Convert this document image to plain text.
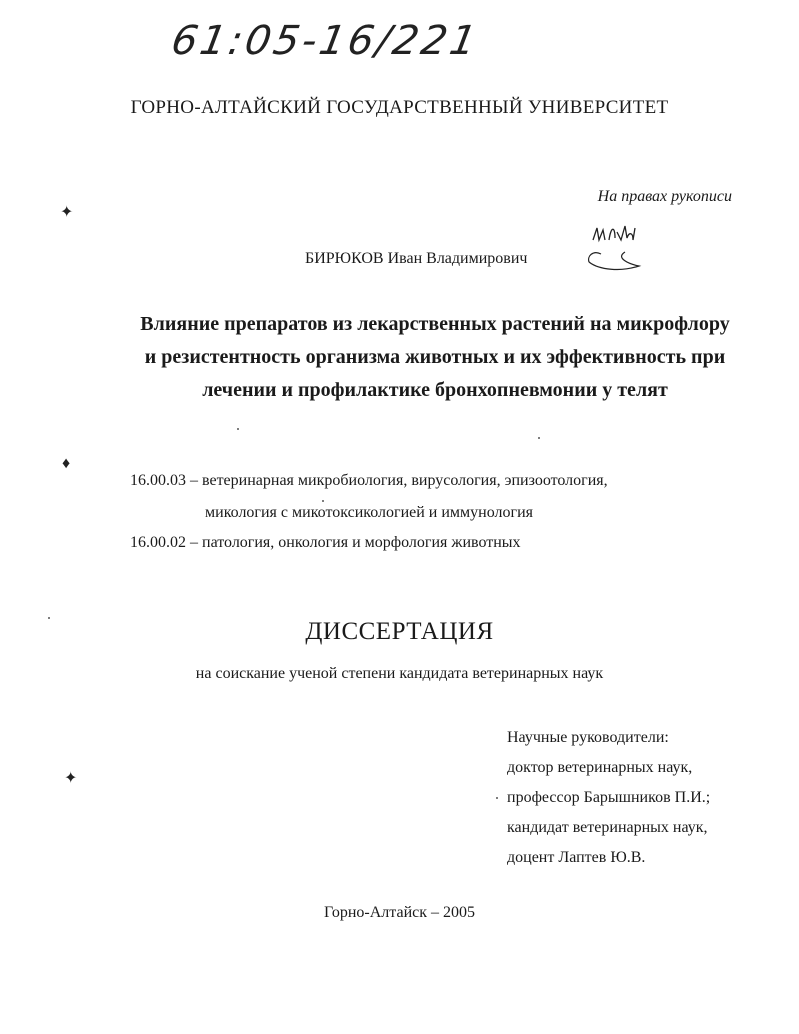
61:05-16/221
ГОРНО-АЛТАЙСКИЙ ГОСУДАРСТВЕННЫЙ УНИВЕРСИТЕТ
На правах рукописи
БИРЮКОВ Иван Владимирович
Влияние препаратов из лекарственных растений на микрофлору
и резистентность организма животных и их эффективность при
лечении и профилактике бронхопневмонии у телят
16.00.03 – ветеринарная микробиология, вирусология, эпизоотология,
микология с микотоксикологией и иммунология
16.00.02 – патология, онкология и морфология животных
ДИССЕРТАЦИЯ
на соискание ученой степени кандидата ветеринарных наук
Научные руководители:
доктор ветеринарных наук,
профессор Барышников П.И.;
кандидат ветеринарных наук,
доцент Лаптев Ю.В.
Горно-Алтайск – 2005
✦
♦
✦
